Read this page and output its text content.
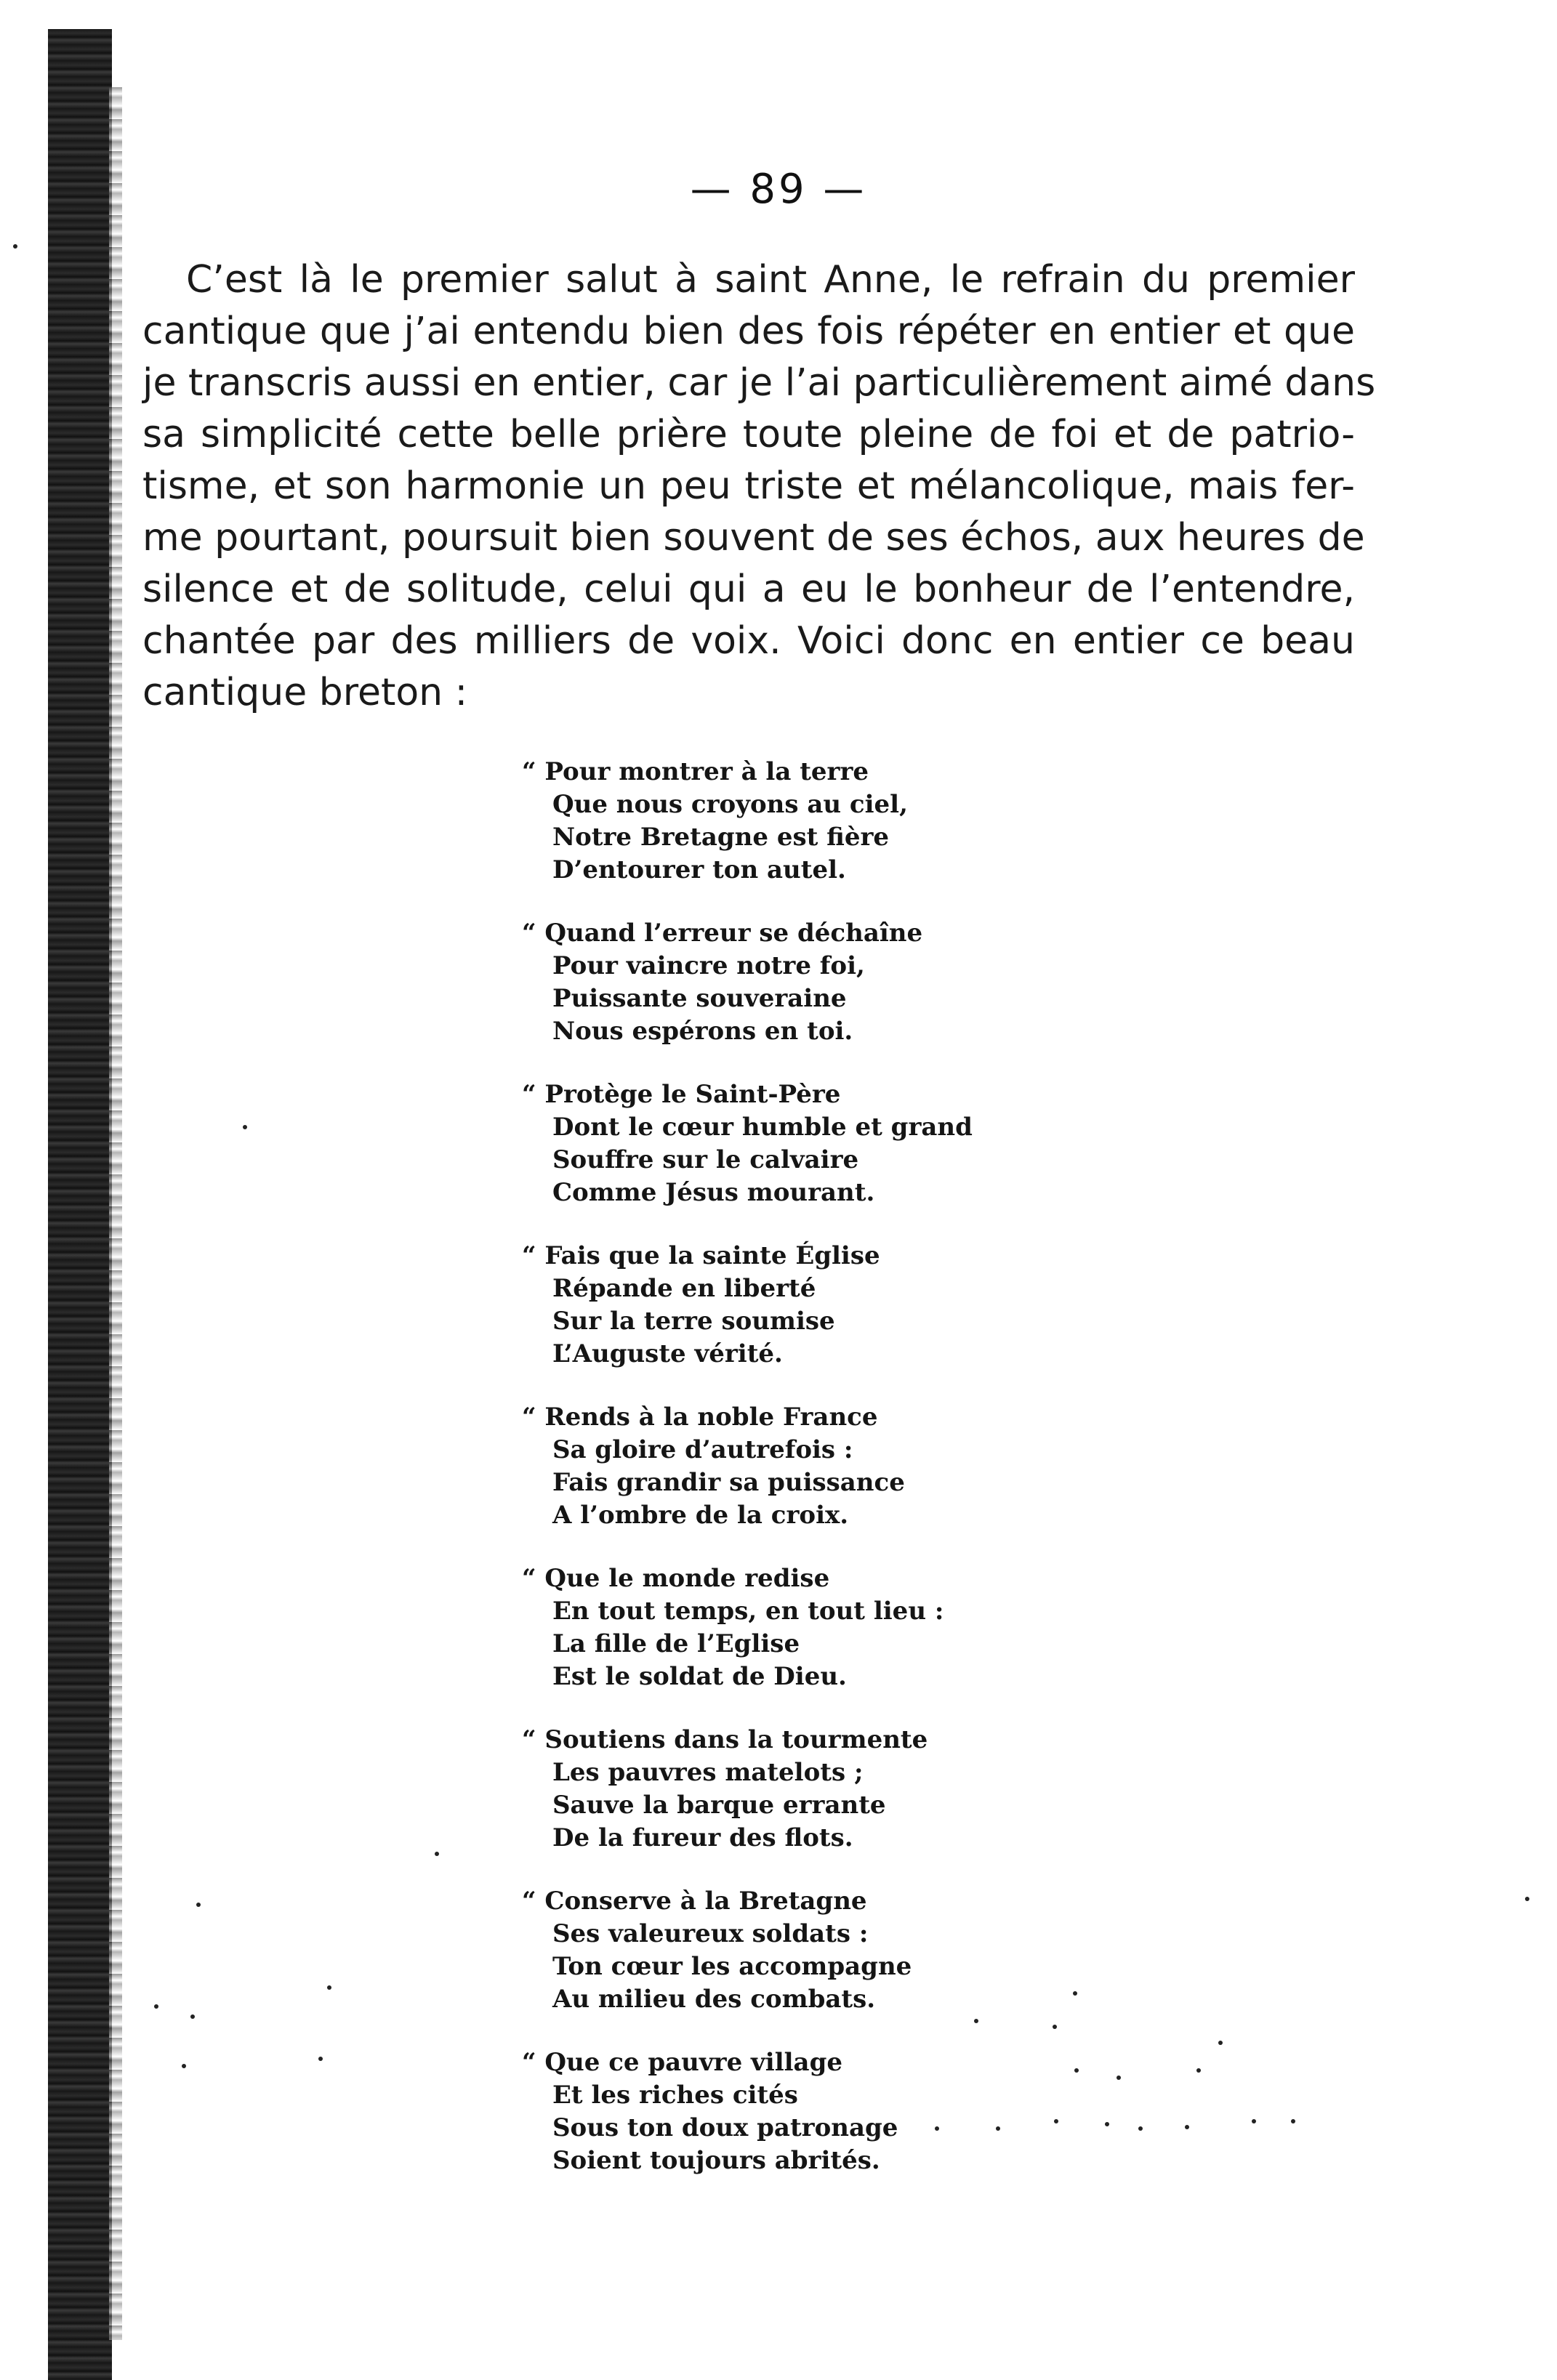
— 89 —
C’est là le premier salut à saint Anne, le refrain du premier
cantique que j’ai entendu bien des fois répéter en entier et que
je transcris aussi en entier, car je l’ai particulièrement aimé dans
sa simplicité cette belle prière toute pleine de foi et de patrio-
tisme, et son harmonie un peu triste et mélancolique, mais fer-
me pourtant, poursuit bien souvent de ses échos, aux heures de
silence et de solitude, celui qui a eu le bonheur de l’entendre,
chantée par des milliers de voix. Voici donc en entier ce beau
cantique breton :
“ Pour montrer à la terre
Que nous croyons au ciel,
Notre Bretagne est fière
D’entourer ton autel.
“ Quand l’erreur se déchaîne
Pour vaincre notre foi,
Puissante souveraine
Nous espérons en toi.
“ Protège le Saint-Père
Dont le cœur humble et grand
Souffre sur le calvaire
Comme Jésus mourant.
“ Fais que la sainte Église
Répande en liberté
Sur la terre soumise
L’Auguste vérité.
“ Rends à la noble France
Sa gloire d’autrefois :
Fais grandir sa puissance
A l’ombre de la croix.
“ Que le monde redise
En tout temps, en tout lieu :
La fille de l’Eglise
Est le soldat de Dieu.
“ Soutiens dans la tourmente
Les pauvres matelots ;
Sauve la barque errante
De la fureur des flots.
“ Conserve à la Bretagne
Ses valeureux soldats :
Ton cœur les accompagne
Au milieu des combats.
“ Que ce pauvre village
Et les riches cités
Sous ton doux patronage
Soient toujours abrités.
